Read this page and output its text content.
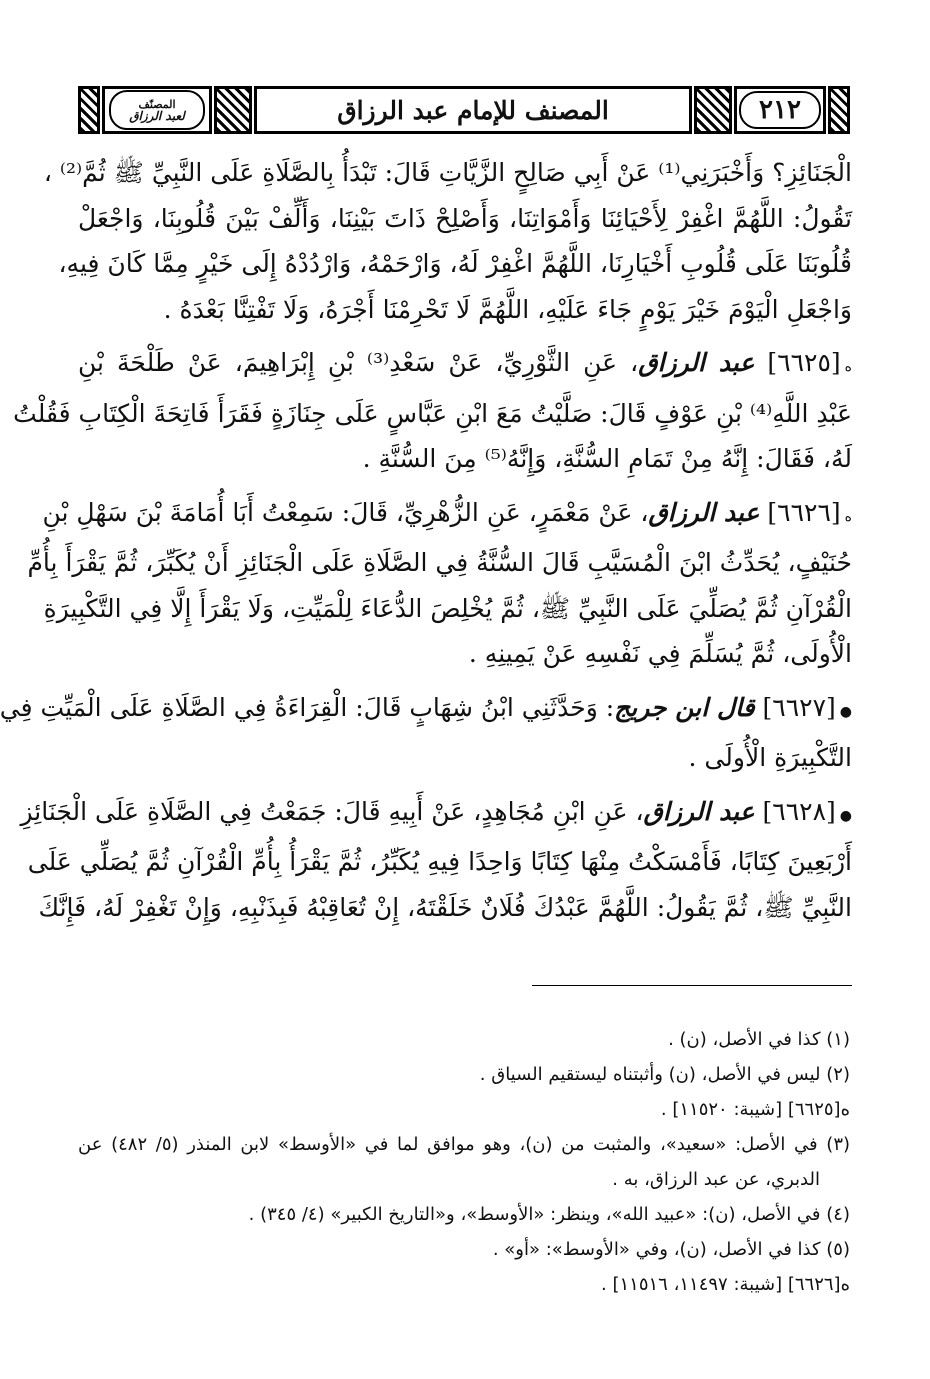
٢١٢
المصنف للإمام عبد الرزاق
المصنّف
لعبد الرزاق
الْجَنَائِزِ؟ وَأَخْبَرَنِي⁽¹⁾ عَنْ أَبِي صَالِحٍ الزَّيَّاتِ قَالَ: تَبْدَأُ بِالصَّلَاةِ عَلَى النَّبِيِّ ﷺ ثُمَّ⁽²⁾ ،
تَقُولُ: اللَّهُمَّ اغْفِرْ لِأَحْيَائِنَا وَأَمْوَاتِنَا، وَأَصْلِحْ ذَاتَ بَيْنِنَا، وَأَلِّفْ بَيْنَ قُلُوبِنَا، وَاجْعَلْ
قُلُوبَنَا عَلَى قُلُوبِ أَخْيَارِنَا، اللَّهُمَّ اغْفِرْ لَهُ، وَارْحَمْهُ، وَارْدُدْهُ إِلَى خَيْرٍ مِمَّا كَانَ فِيهِ،
وَاجْعَلِ الْيَوْمَ خَيْرَ يَوْمٍ جَاءَ عَلَيْهِ، اللَّهُمَّ لَا تَحْرِمْنَا أَجْرَهُ، وَلَا تَفْتِنَّا بَعْدَهُ .
ه[٦٦٢٥] عبد الرزاق، عَنِ الثَّوْرِيِّ، عَنْ سَعْدِ⁽³⁾ بْنِ إِبْرَاهِيمَ، عَنْ طَلْحَةَ بْنِ
عَبْدِ اللَّهِ⁽⁴⁾ بْنِ عَوْفٍ قَالَ: صَلَّيْتُ مَعَ ابْنِ عَبَّاسٍ عَلَى جِنَازَةٍ فَقَرَأَ فَاتِحَةَ الْكِتَابِ فَقُلْتُ
لَهُ، فَقَالَ: إِنَّهُ مِنْ تَمَامِ السُّنَّةِ، وَإِنَّهُ⁽⁵⁾ مِنَ السُّنَّةِ .
ه[٦٦٢٦] عبد الرزاق، عَنْ مَعْمَرٍ، عَنِ الزُّهْرِيِّ، قَالَ: سَمِعْتُ أَبَا أُمَامَةَ بْنَ سَهْلِ بْنِ
حُنَيْفٍ، يُحَدِّثُ ابْنَ الْمُسَيَّبِ قَالَ السُّنَّةُ فِي الصَّلَاةِ عَلَى الْجَنَائِزِ أَنْ يُكَبِّرَ، ثُمَّ يَقْرَأَ بِأُمِّ
الْقُرْآنِ ثُمَّ يُصَلِّيَ عَلَى النَّبِيِّ ﷺ، ثُمَّ يُخْلِصَ الدُّعَاءَ لِلْمَيِّتِ، وَلَا يَقْرَأَ إِلَّا فِي التَّكْبِيرَةِ
الْأُولَى، ثُمَّ يُسَلِّمَ فِي نَفْسِهِ عَنْ يَمِينِهِ .
●[٦٦٢٧] قال ابن جريج: وَحَدَّثَنِي ابْنُ شِهَابٍ قَالَ: الْقِرَاءَةُ فِي الصَّلَاةِ عَلَى الْمَيِّتِ فِي
التَّكْبِيرَةِ الْأُولَى .
●[٦٦٢٨] عبد الرزاق، عَنِ ابْنِ مُجَاهِدٍ، عَنْ أَبِيهِ قَالَ: جَمَعْتُ فِي الصَّلَاةِ عَلَى الْجَنَائِزِ
أَرْبَعِينَ كِتَابًا، فَأَمْسَكْتُ مِنْهَا كِتَابًا وَاحِدًا فِيهِ يُكَبِّرُ، ثُمَّ يَقْرَأُ بِأُمِّ الْقُرْآنِ ثُمَّ يُصَلِّي عَلَى
النَّبِيِّ ﷺ، ثُمَّ يَقُولُ: اللَّهُمَّ عَبْدُكَ فُلَانٌ خَلَقْتَهُ، إِنْ تُعَاقِبْهُ فَبِذَنْبِهِ، وَإِنْ تَغْفِرْ لَهُ، فَإِنَّكَ
(١) كذا في الأصل، (ن) .
(٢) ليس في الأصل، (ن) وأثبتناه ليستقيم السياق .
ه[٦٦٢٥] [شيبة: ١١٥٢٠] .
(٣) في الأصل: «سعيد»، والمثبت من (ن)، وهو موافق لما في «الأوسط» لابن المنذر (٥/ ٤٨٢) عن
الدبري، عن عبد الرزاق، به .
(٤) في الأصل، (ن): «عبيد الله»، وينظر: «الأوسط»، و«التاريخ الكبير» (٤/ ٣٤٥) .
(٥) كذا في الأصل، (ن)، وفي «الأوسط»: «أو» .
ه[٦٦٢٦] [شيبة: ١١٤٩٧، ١١٥١٦] .
